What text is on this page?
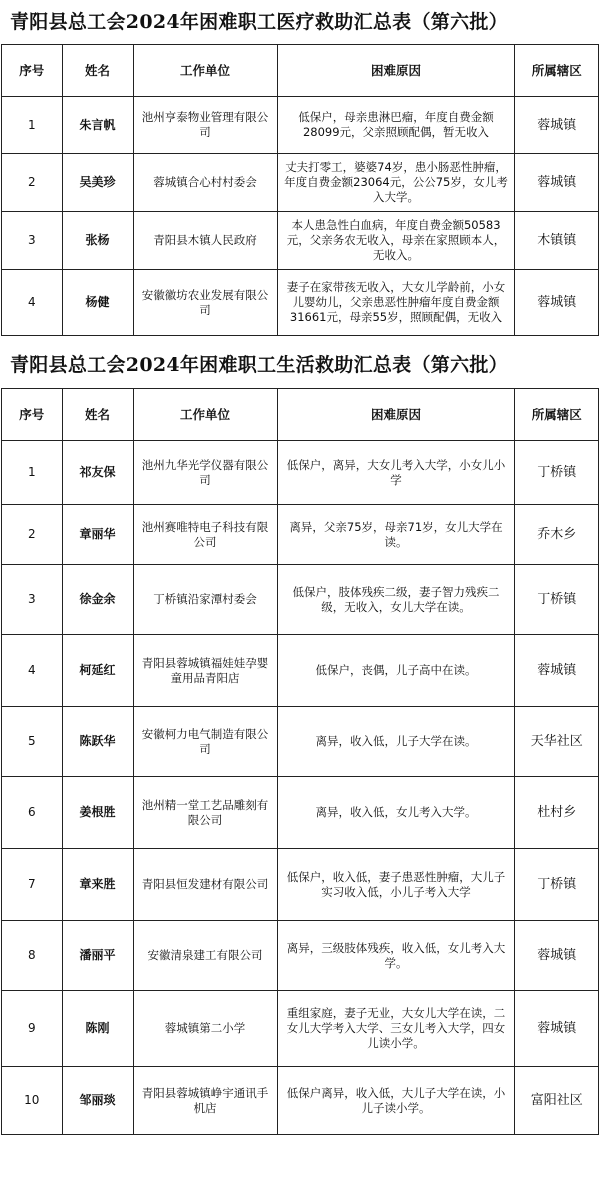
青阳县总工会2024年困难职工医疗救助汇总表（第六批）
序号	姓名	工作单位	困难原因	所属辖区
1	朱言帆	池州亨泰物业管理有限公司	低保户，母亲患淋巴瘤，年度自费金额28099元，父亲照顾配偶，暂无收入	蓉城镇
2	吴美珍	蓉城镇合心村村委会	丈夫打零工，婆婆74岁，患小肠恶性肿瘤，年度自费金额23064元，公公75岁，女儿考入大学。	蓉城镇
3	张杨	青阳县木镇人民政府	本人患急性白血病，年度自费金额50583元，父亲务农无收入，母亲在家照顾本人，无收入。	木镇镇
4	杨健	安徽徽坊农业发展有限公司	妻子在家带孩无收入，大女儿学龄前，小女儿婴幼儿，父亲患恶性肿瘤年度自费金额31661元，母亲55岁，照顾配偶，无收入	蓉城镇
青阳县总工会2024年困难职工生活救助汇总表（第六批）
序号	姓名	工作单位	困难原因	所属辖区
1	祁友保	池州九华光学仪器有限公司	低保户，离异，大女儿考入大学，小女儿小学	丁桥镇
2	章丽华	池州赛唯特电子科技有限公司	离异，父亲75岁，母亲71岁，女儿大学在读。	乔木乡
3	徐金余	丁桥镇沿家潭村委会	低保户，肢体残疾二级，妻子智力残疾二级，无收入，女儿大学在读。	丁桥镇
4	柯延红	青阳县蓉城镇福娃娃孕婴童用品青阳店	低保户，丧偶，儿子高中在读。	蓉城镇
5	陈跃华	安徽柯力电气制造有限公司	离异，收入低，儿子大学在读。	天华社区
6	姜根胜	池州精一堂工艺品雕刻有限公司	离异，收入低，女儿考入大学。	杜村乡
7	章来胜	青阳县恒发建材有限公司	低保户，收入低，妻子患恶性肿瘤，大儿子实习收入低，小儿子考入大学	丁桥镇
8	潘丽平	安徽清泉建工有限公司	离异，三级肢体残疾，收入低，女儿考入大学。	蓉城镇
9	陈刚	蓉城镇第二小学	重组家庭，妻子无业，大女儿大学在读，二女儿大学考入大学、三女儿考入大学，四女儿读小学。	蓉城镇
10	邹丽琰	青阳县蓉城镇峥宇通讯手机店	低保户离异，收入低，大儿子大学在读，小儿子读小学。	富阳社区
